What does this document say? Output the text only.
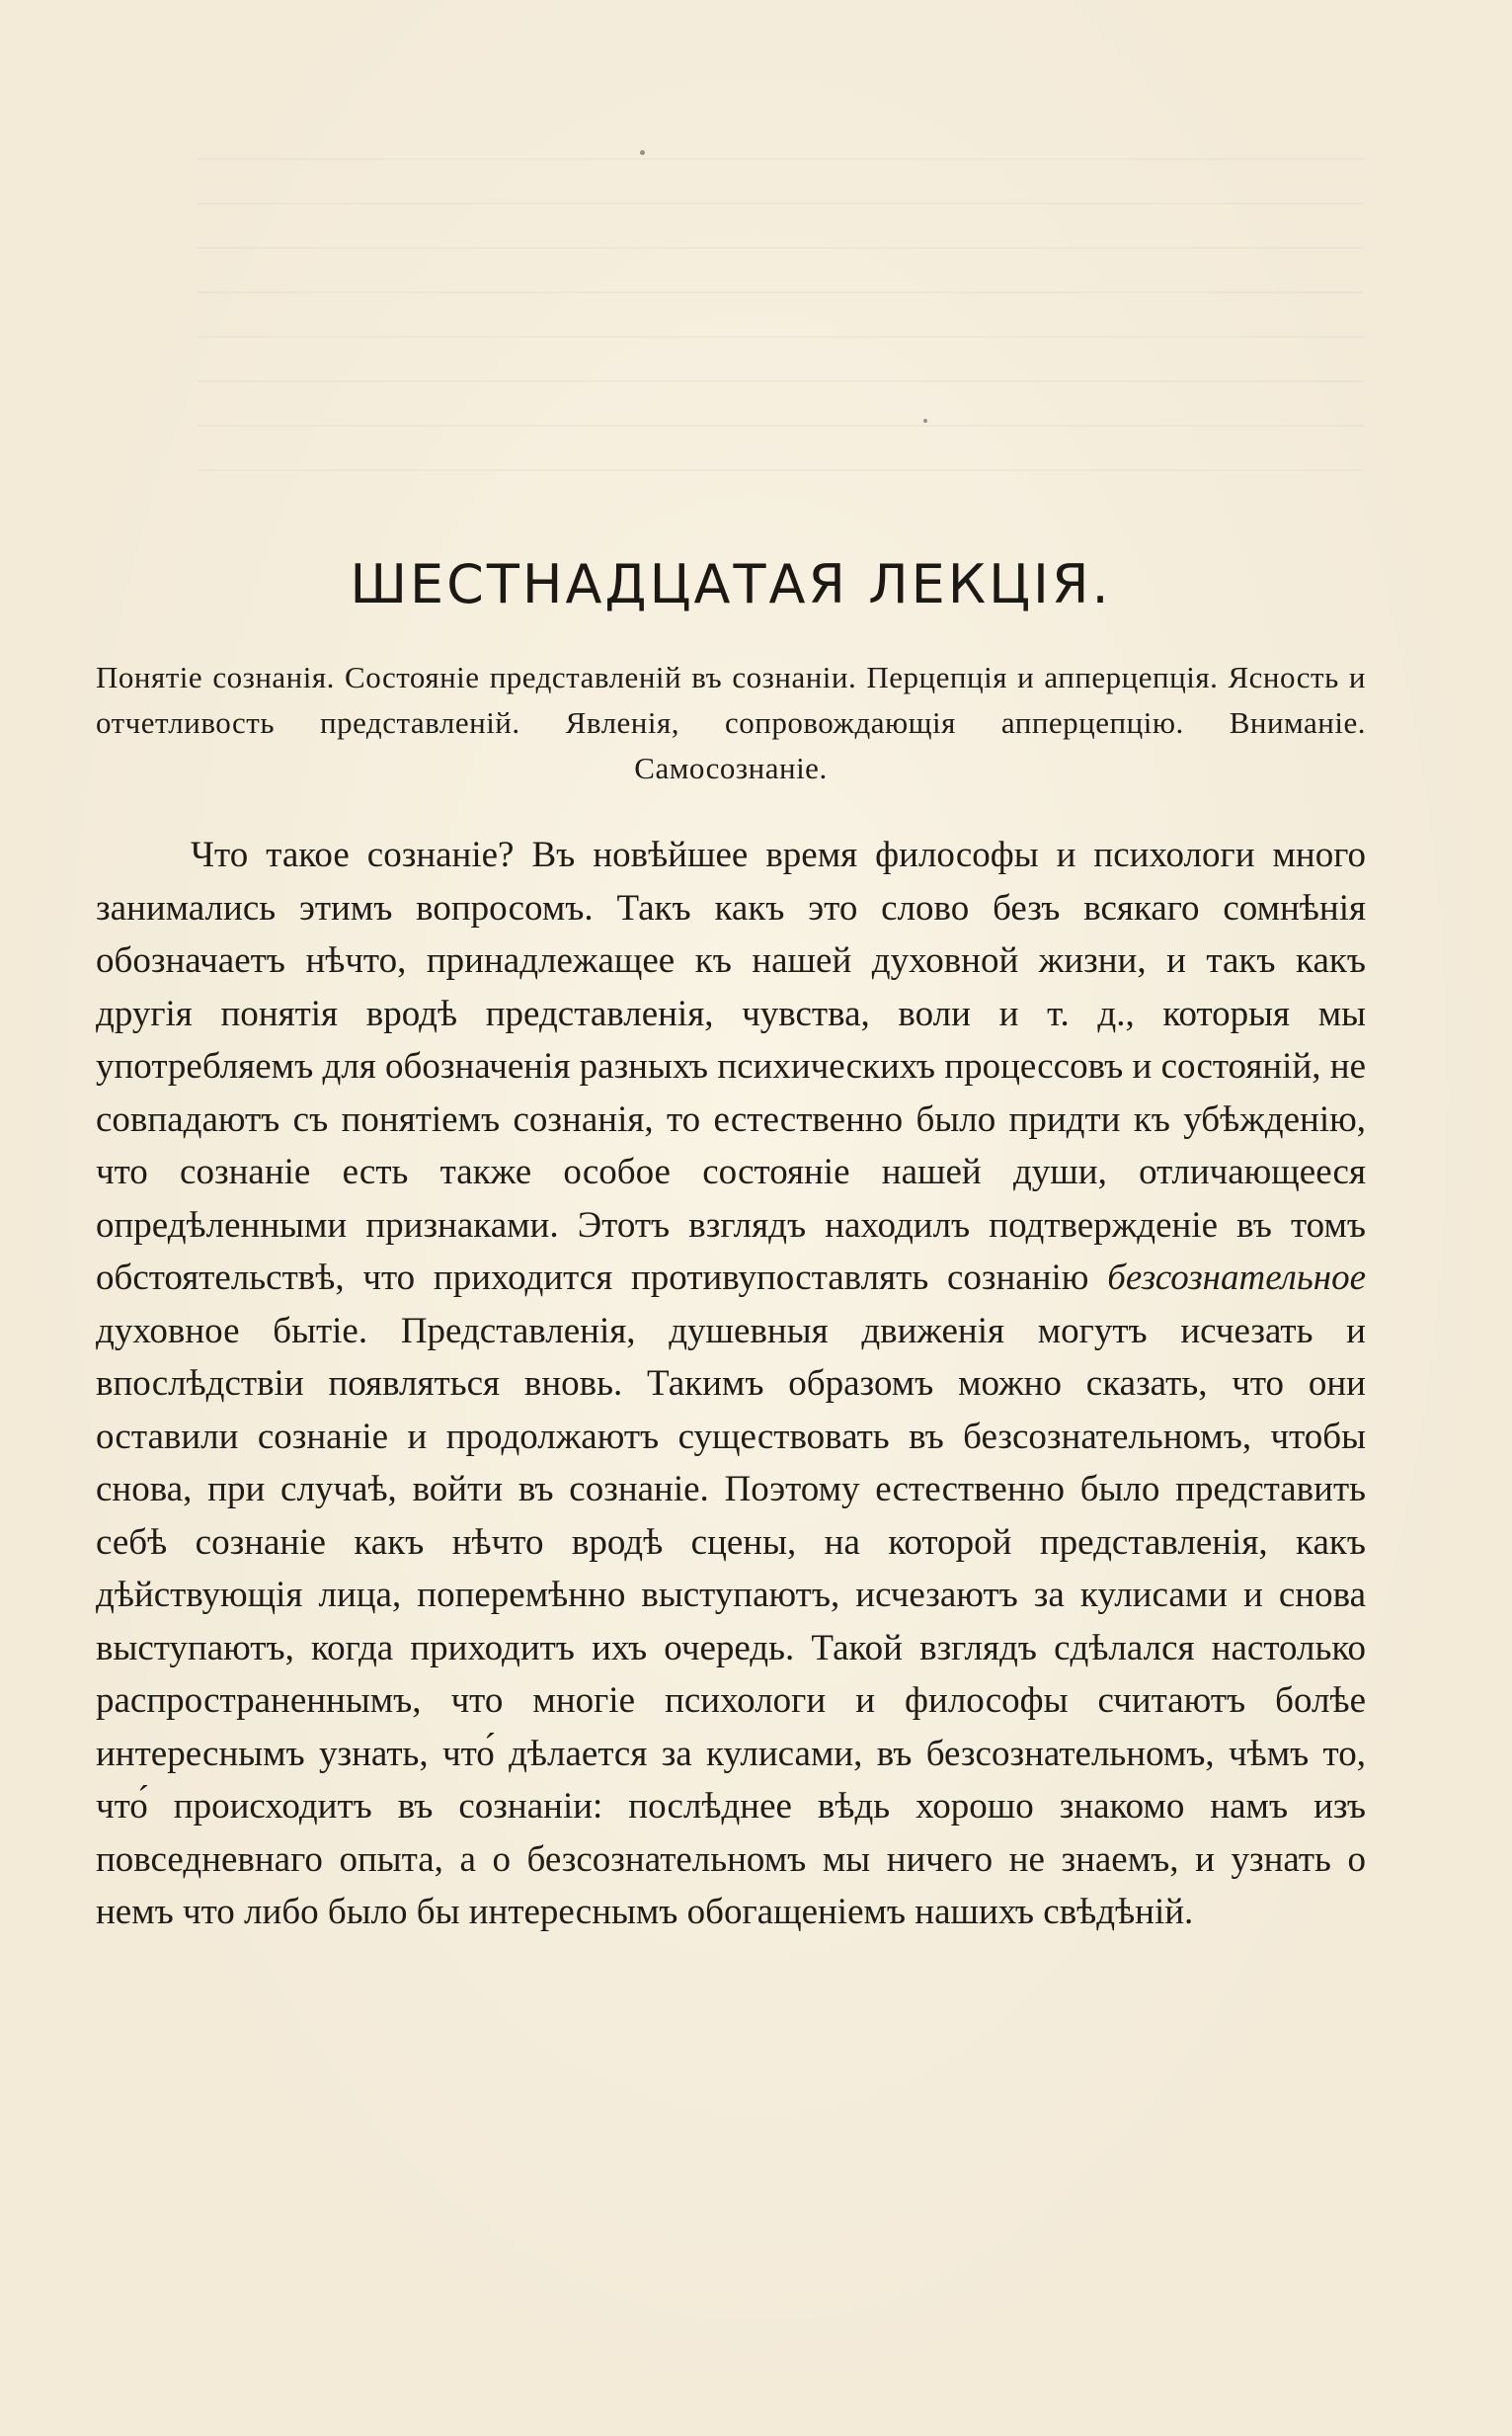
ШЕСТНАДЦАТАЯ ЛЕКЦІЯ.

Понятіе сознанія. Состояніе представленій въ сознаніи. Перцепція и апперцепція. Ясность и отчетливость представленій. Явленія, сопровождающія апперцепцію. Вниманіе. Самосознаніе.

Что такое сознаніе? Въ новѣйшее время философы и психологи много занимались этимъ вопросомъ. Такъ какъ это слово безъ всякаго сомнѣнія обозначаетъ нѣчто, принадлежащее къ нашей духовной жизни, и такъ какъ другія понятія вродѣ представленія, чувства, воли и т. д., которыя мы употребляемъ для обозначенія разныхъ психическихъ процессовъ и состояній, не совпадаютъ съ понятіемъ сознанія, то естественно было придти къ убѣжденію, что сознаніе есть также особое состояніе нашей души, отличающееся опредѣленными признаками. Этотъ взглядъ находилъ подтвержденіе въ томъ обстоятельствѣ, что приходится противупоставлять сознанію безсознательное духовное бытіе. Представленія, душевныя движенія могутъ исчезать и впослѣдствіи появляться вновь. Такимъ образомъ можно сказать, что они оставили сознаніе и продолжаютъ существовать въ безсознательномъ, чтобы снова, при случаѣ, войти въ сознаніе. Поэтому естественно было представить себѣ сознаніе какъ нѣчто вродѣ сцены, на которой представленія, какъ дѣйствующія лица, поперемѣнно выступаютъ, исчезаютъ за кулисами и снова выступаютъ, когда приходитъ ихъ очередь. Такой взглядъ сдѣлался настолько распространеннымъ, что многіе психологи и философы считаютъ болѣе интереснымъ узнать, что́ дѣлается за кулисами, въ безсознательномъ, чѣмъ то, что́ происходитъ въ сознаніи: послѣднее вѣдь хорошо знакомо намъ изъ повседневнаго опыта, а о безсознательномъ мы ничего не знаемъ, и узнать о немъ что либо было бы интереснымъ обогащеніемъ нашихъ свѣдѣній.
